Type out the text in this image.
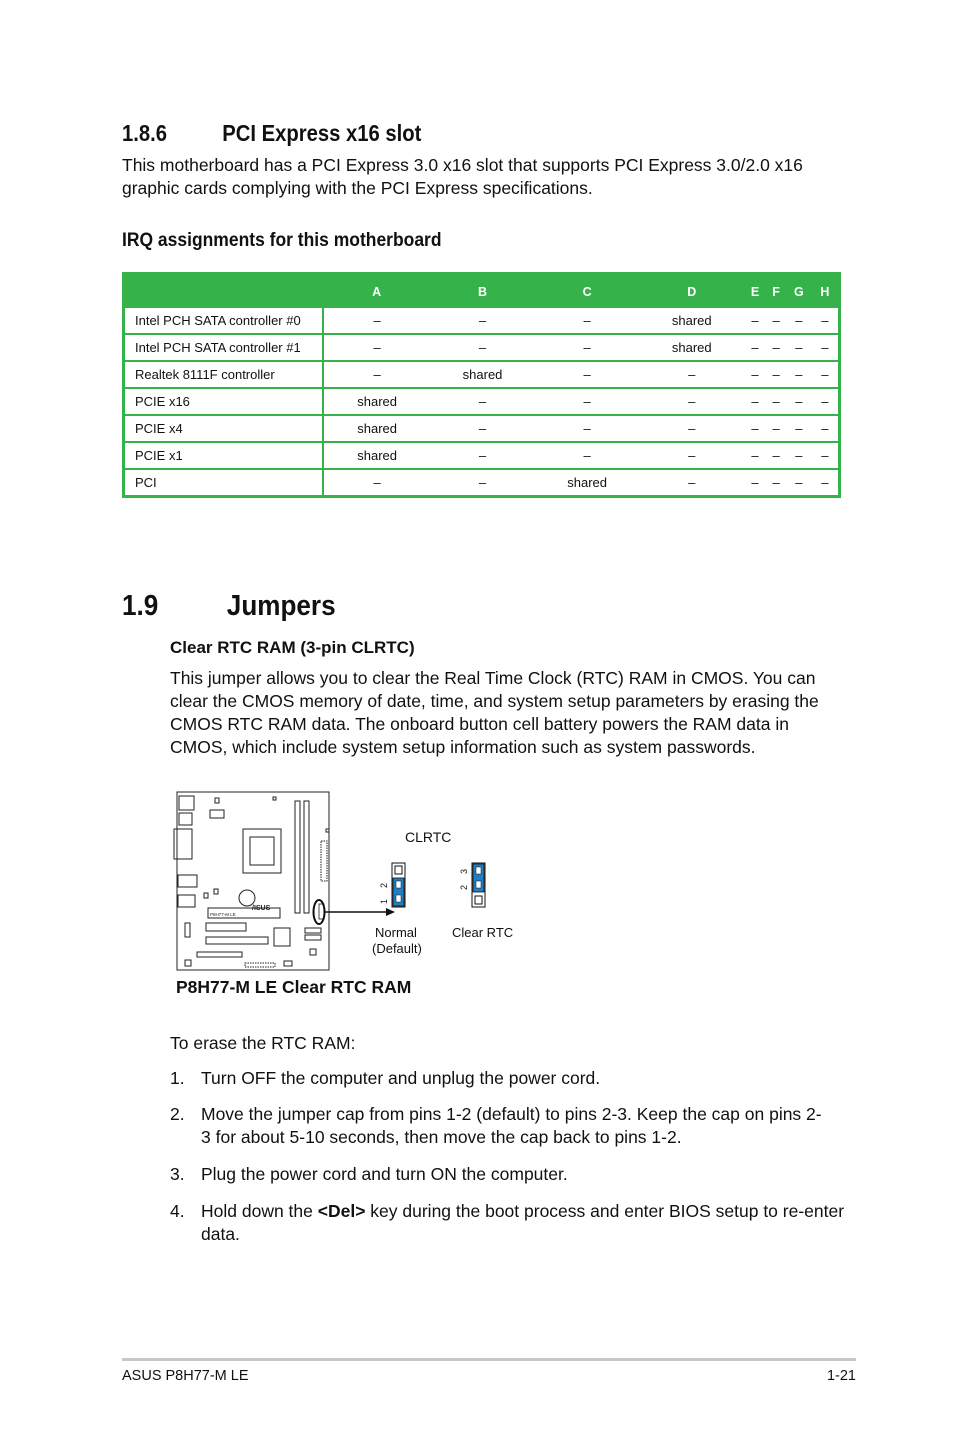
1.8.6 PCI Express x16 slot
This motherboard has a PCI Express 3.0 x16 slot that supports PCI Express 3.0/2.0 x16 graphic cards complying with the PCI Express specifications.
IRQ assignments for this motherboard
	A	B	C	D	E	F	G	H
Intel PCH SATA controller #0	–	–	–	shared	–	–	–	–
Intel PCH SATA controller #1	–	–	–	shared	–	–	–	–
Realtek 8111F controller	–	shared	–	–	–	–	–	–
PCIE x16	shared	–	–	–	–	–	–	–
PCIE x4	shared	–	–	–	–	–	–	–
PCIE x1	shared	–	–	–	–	–	–	–
PCI	–	–	shared	–	–	–	–	–
1.9 Jumpers
Clear RTC RAM (3-pin CLRTC)
This jumper allows you to clear the Real Time Clock (RTC) RAM in CMOS. You can clear the CMOS memory of date, time, and system setup parameters by erasing the CMOS RTC RAM data. The onboard button cell battery powers the RAM data in CMOS, which include system setup information such as system passwords.
/ISUS
P8H77-M LE
CLRTC
1
2
Normal
(Default)
2
3
Clear RTC
P8H77-M LE Clear RTC RAM
To erase the RTC RAM:
1. Turn OFF the computer and unplug the power cord.
2. Move the jumper cap from pins 1-2 (default) to pins 2-3. Keep the cap on pins 2-3 for about 5-10 seconds, then move the cap back to pins 1-2.
3. Plug the power cord and turn ON the computer.
4. Hold down the <Del> key during the boot process and enter BIOS setup to re-enter data.
ASUS P8H77-M LE	1-21
